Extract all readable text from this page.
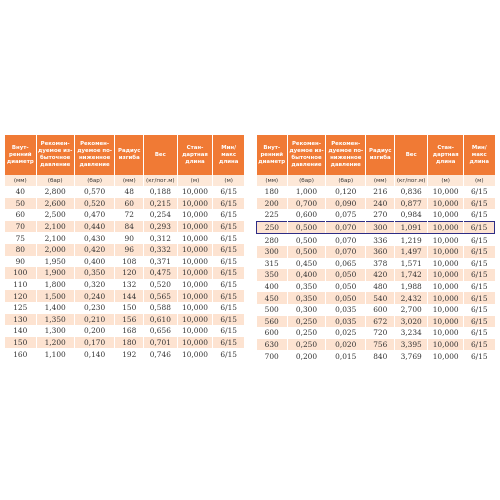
Внут- ренний диаметр	Рекомен- дуемое из- быточное давление	Рекомен- дуемое по- ниженное давление	Радиус изгиба	Вес	Стан- дартная длина	Мин/ макс длина
(мм)	(бар)	(бар)	(мм)	(кг/пог.м)	(м)	(м)
40	2,800	0,570	48	0,188	10,000	6/15
50	2,600	0,520	60	0,215	10,000	6/15
60	2,500	0,470	72	0,254	10,000	6/15
70	2,100	0,440	84	0,293	10,000	6/15
75	2,100	0,430	90	0,312	10,000	6/15
80	2,000	0,420	96	0,332	10,000	6/15
90	1,950	0,400	108	0,371	10,000	6/15
100	1,900	0,350	120	0,475	10,000	6/15
110	1,800	0,320	132	0,520	10,000	6/15
120	1,500	0,240	144	0,565	10,000	6/15
125	1,400	0,230	150	0,588	10,000	6/15
130	1,350	0,210	156	0,610	10,000	6/15
140	1,300	0,200	168	0,656	10,000	6/15
150	1,200	0,170	180	0,701	10,000	6/15
160	1,100	0,140	192	0,746	10,000	6/15
Внут- ренний диаметр	Рекомен- дуемое из- быточное давление	Рекомен- дуемое по- ниженное давление	Радиус изгиба	Вес	Стан- дартная длина	Мин/ макс длина
(мм)	(бар)	(бар)	(мм)	(кг/пог.м)	(м)	(м)
180	1,000	0,120	216	0,836	10,000	6/15
200	0,700	0,090	240	0,877	10,000	6/15
225	0,600	0,075	270	0,984	10,000	6/15
250	0,500	0,070	300	1,091	10,000	6/15
280	0,500	0,070	336	1,219	10,000	6/15
300	0,500	0,070	360	1,497	10,000	6/15
315	0,450	0,065	378	1,571	10,000	6/15
350	0,400	0,050	420	1,742	10,000	6/15
400	0,350	0,050	480	1,988	10,000	6/15
450	0,350	0,050	540	2,432	10,000	6/15
500	0,300	0,035	600	2,700	10,000	6/15
560	0,250	0,035	672	3,020	10,000	6/15
600	0,250	0,025	720	3,234	10,000	6/15
630	0,250	0,020	756	3,395	10,000	6/15
700	0,200	0,015	840	3,769	10,000	6/15
